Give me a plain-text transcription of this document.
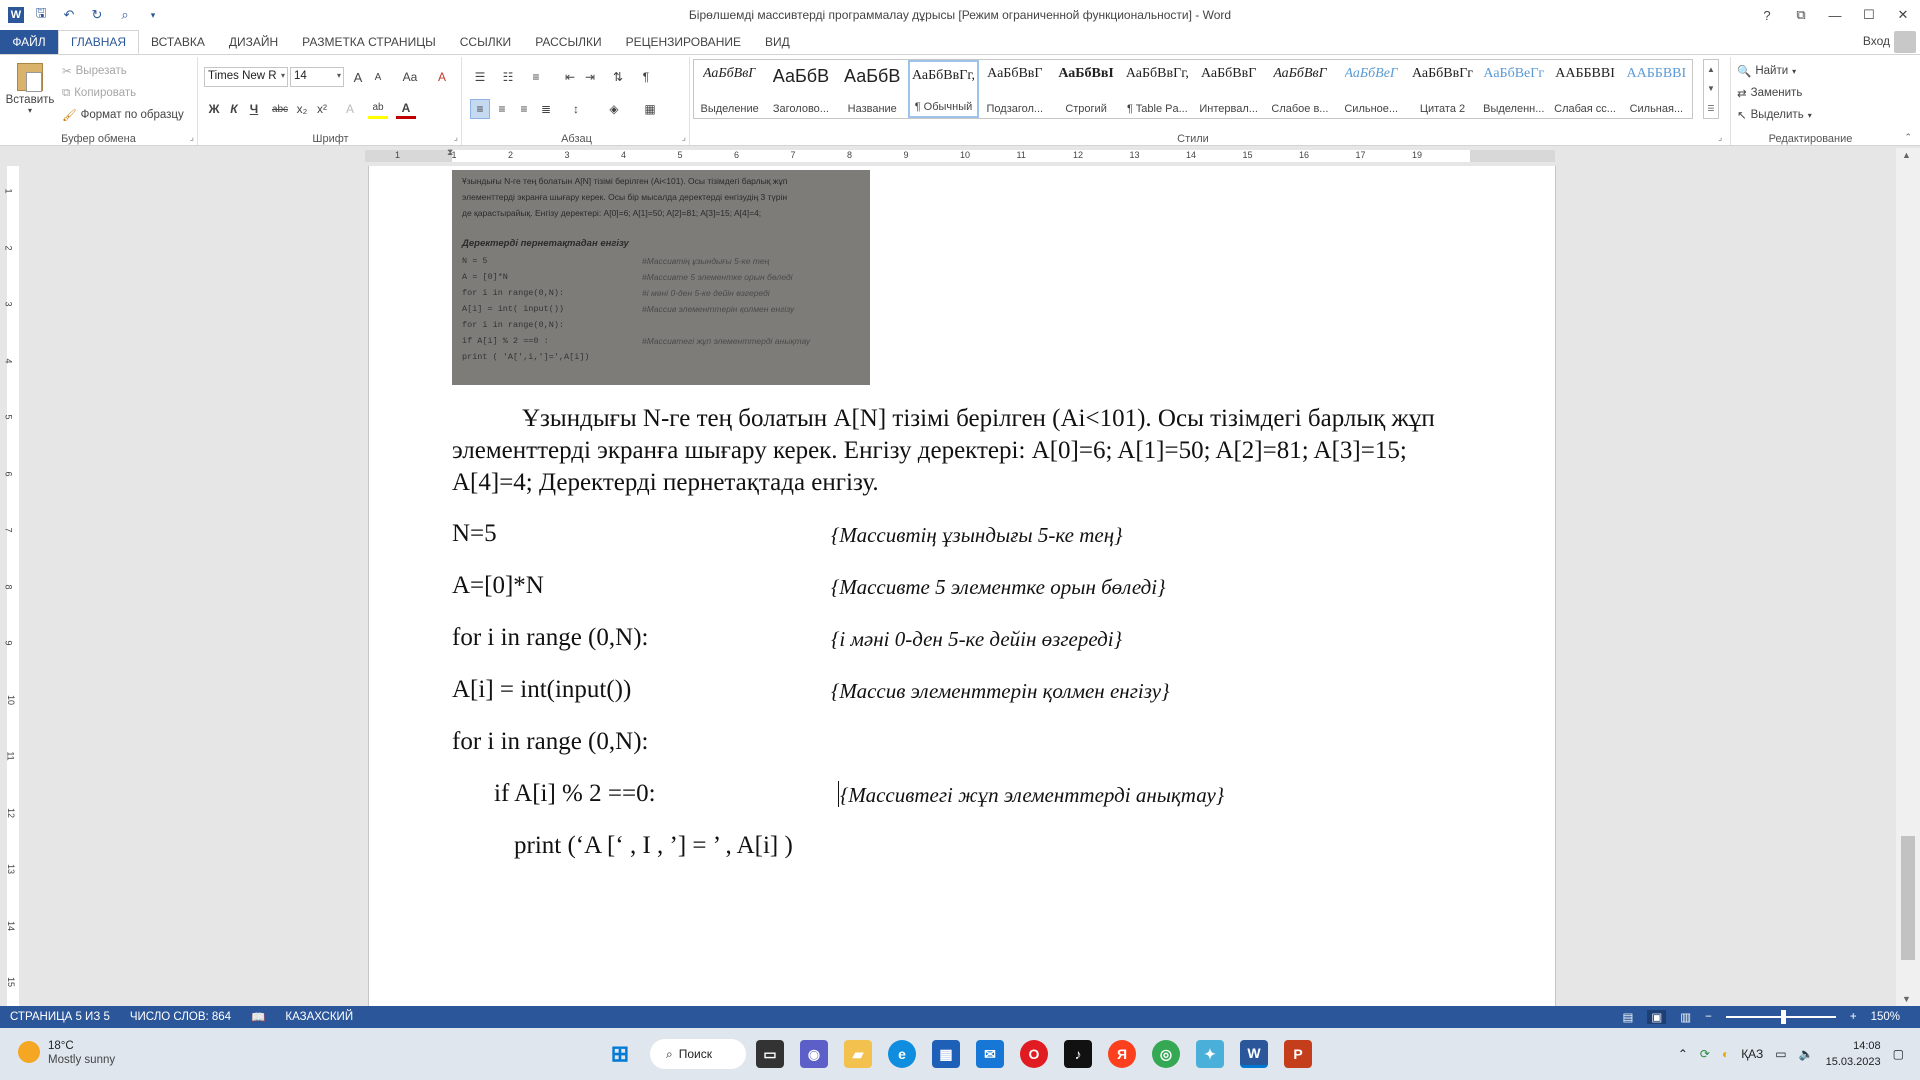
W	🖫	↶	↻	⌕	▾	Бірөлшемді массивтерді программалау дұрысы [Режим ограниченной функциональности] - Word	?	⧉	—	☐	✕
ФАЙЛ	ГЛАВНАЯ	ВСТАВКА	ДИЗАЙН	РАЗМЕТКА СТРАНИЦЫ	ССЫЛКИ	РАССЫЛКИ	РЕЦЕНЗИРОВАНИЕ	ВИД	Вход
Вставить
▾
✂ Вырезать
⧉ Копировать
🖌 Формат по образцу
Буфер обмена	⌟
Times New R ▾ 14	▾ A A Aa A
Ж К Ч abc x₂ x² A ab A
Шрифт	⌟
☰ ☷ ≡ ⇤ ⇥ ⇅ ¶
≡ ≡ ≡ ≣ ↕	◈ ▦
Абзац	⌟
АаБбВвГ
Выделение
АаБбВ
Заголово...
АаБбВ
Название
АаБбВвГг,
¶ Обычный
АаБбВвГ
Подзагол...
АаБбВвI
Строгий
АаБбВвГг,
¶ Table Pa...
АаБбВвГ
Интервал...
АаБбВвГ
Слабое в...
АаБбВеГ
Сильное...
АаБбВвГг
Цитата 2
АаБбВеГг
Выделенн...
ААББВВI
Слабая сс...
ААББВВI
Сильная...
▲
▼
☰
Стили	⌟
🔍 Найти ▾
⇄ Заменить
↖ Выделить ▾
Редактирование	⌃
1	1	2	3	4	5	6	7	8	9	10	11	12	13	14	15	16	17	19
⧗
1
2
3
4
5
6
7
8
9
10
11
12
13
14
15
Ұзындығы N-ге тең болатын А[N] тізімі берілген (Аі<101). Осы тізімдегі барлық жұп
элементтерді экранға шығару керек. Осы бір мысалда деректерді енгізудің 3 түрін
де қарастырайық. Енгізу деректері: A[0]=6; A[1]=50; A[2]=81; A[3]=15; A[4]=4;
Деректерді пернетақтадан енгізу
N = 5	#Массивтің ұзындығы 5-ке тең
A = [0]*N	#Массивте 5 элементке орын бөледі
for i in range(0,N):	#і мәні 0-ден 5-ке дейін өзгереді
A[i] = int( input())	#Массив элементтерін қолмен енгізу
for i in range(0,N):
if A[i] % 2 ==0 :	#Массивтегі жұп элементтерді анықтау
print ( 'A[',i,']=',A[i])
Ұзындығы N-ге тең болатын A[N] тізімі берілген (Ai<101). Осы тізімдегі барлық жұп элементтерді экранға шығару керек. Енгізу деректері: A[0]=6; A[1]=50; A[2]=81; A[3]=15; A[4]=4; Деректерді пернетақтада енгізу.
N=5	{Массивтің ұзындығы 5-ке тең}
A=[0]*N	{Массивте 5 элементке орын бөледі}
for i in range (0,N):	{і мәні 0-ден 5-ке дейін өзгереді}
A[i] = int(input())	{Массив элементтерін қолмен енгізу}
for i in range (0,N):
if A[i] % 2 ==0:	{Массивтегі жұп элементтерді анықтау}
print (‘A [‘ , I , ’] = ’ , A[i] )
▲
▼
СТРАНИЦА 5 ИЗ 5	ЧИСЛО СЛОВ: 864	📖	КАЗАХСКИЙ	▤	▣	▥ −	+ 150%
18°C
Mostly sunny	⊞	⌕ Поиск	▭	◉	▰	e	▦	✉	O	♪	Я	◎	✦	W	P	⌃ ⟳ ◐ ҚАЗ ▭ 🔈
14:08
15.03.2023
▢
